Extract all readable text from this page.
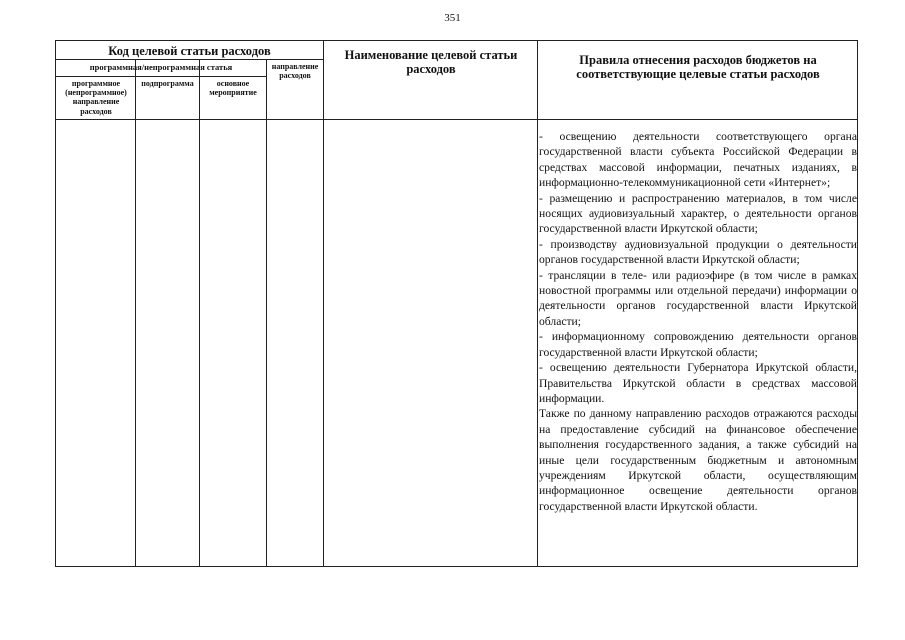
351
Код целевой статьи расходов
программная/непрограммная статья
программное (непрограммное) направление расходов
подпрограмма	основное мероприятие
направление расходов
Наименование целевой статьи расходов
Правила отнесения расходов бюджетов на соответствующие целевые статьи расходов

- освещению деятельности соответствующего органа государственной власти субъекта Российской Федерации в средствах массовой информации, печатных изданиях, в информационно-телекоммуникационной сети «Интернет»;

- размещению и распространению материалов, в том числе носящих аудиовизуальный характер, о деятельности органов государственной власти Иркутской области;

- производству аудиовизуальной продукции о деятельности органов государственной власти Иркутской области;

- трансляции в теле- или радиоэфире (в том числе в рамках новостной программы или отдельной передачи) информации о деятельности органов государственной власти Иркутской области;

- информационному сопровождению деятельности органов государственной власти Иркутской области;

- освещению деятельности Губернатора Иркутской области, Правительства Иркутской области в средствах массовой информации.

Также по данному направлению расходов отражаются расходы на предоставление субсидий на финансовое обеспечение выполнения государственного задания, а также субсидий на иные цели государственным бюджетным и автономным учреждениям Иркутской области, осуществляющим информационное освещение деятельности органов государственной власти Иркутской области.
